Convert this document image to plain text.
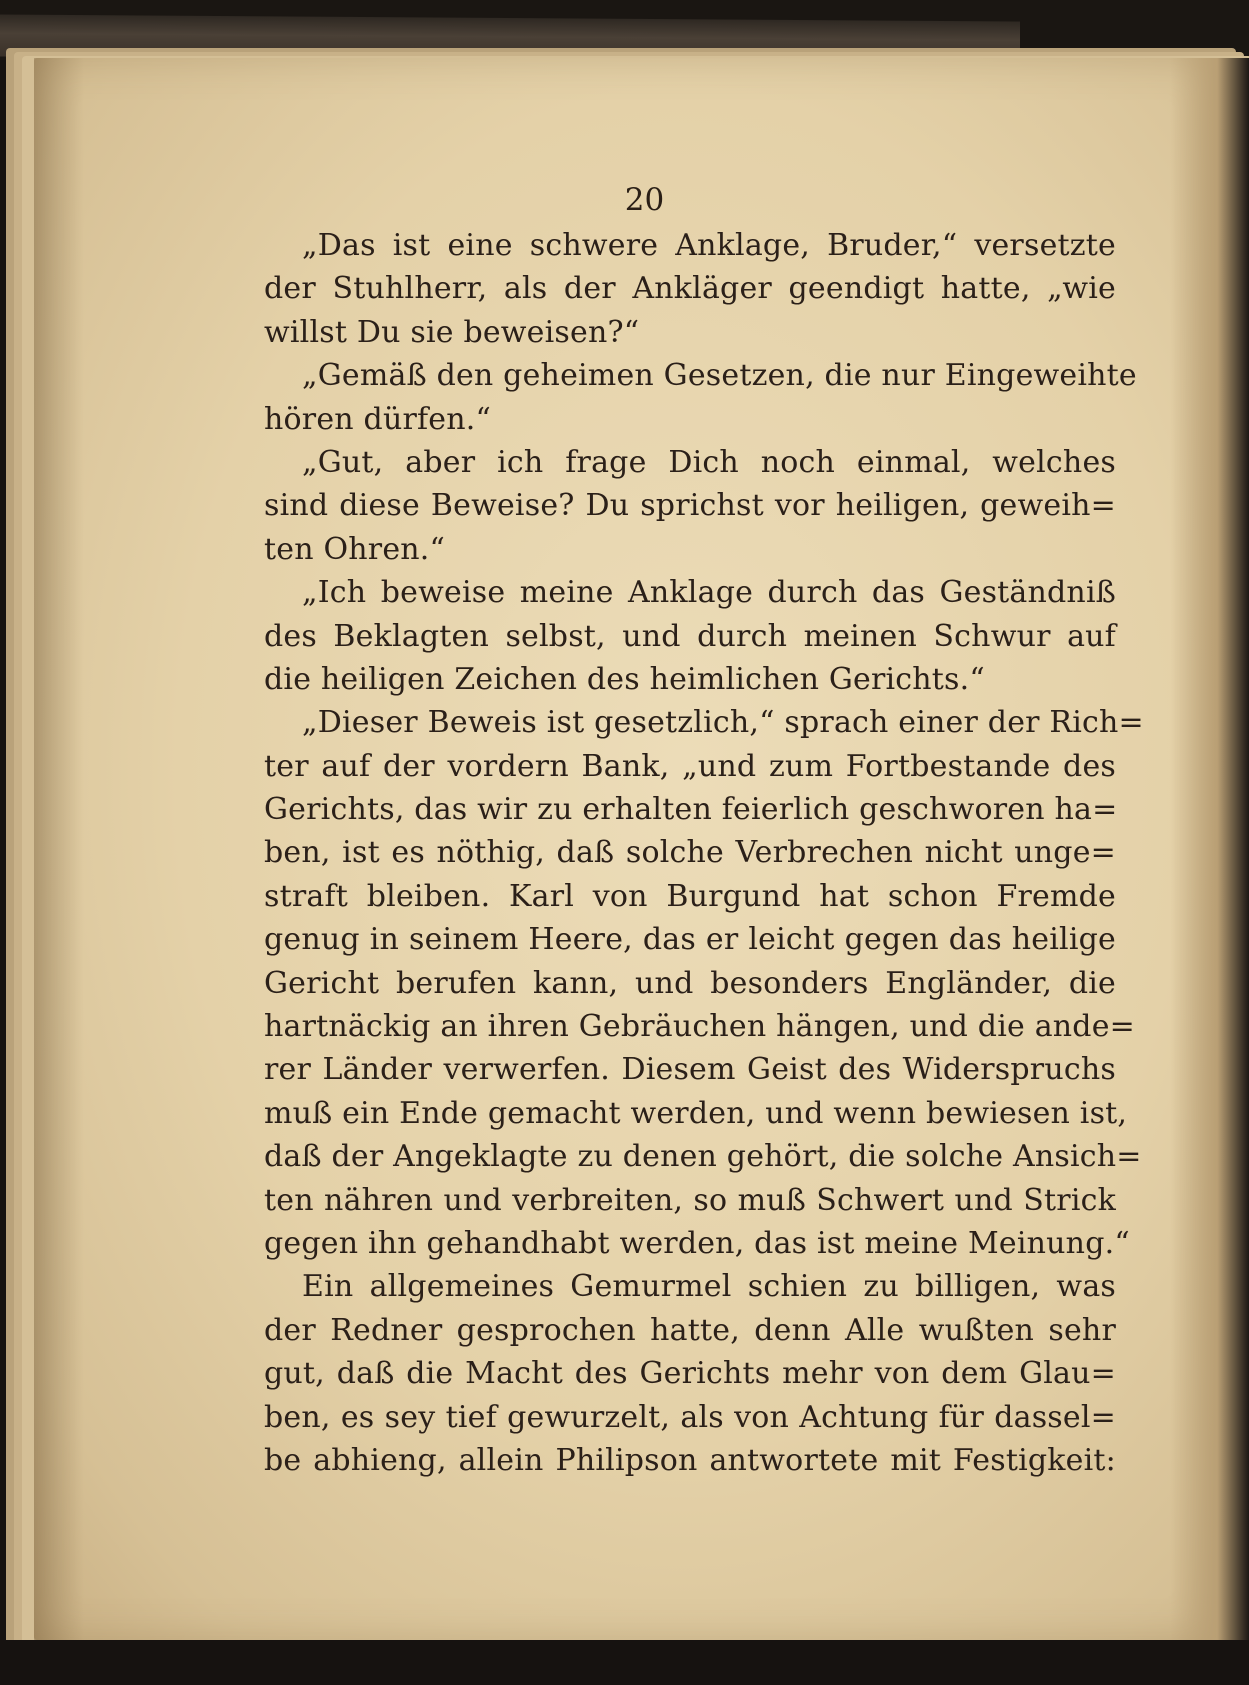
20

„Das ist eine schwere Anklage, Bruder,“ versetzte
der Stuhlherr, als der Ankläger geendigt hatte, „wie
willst Du sie beweisen?“
„Gemäß den geheimen Gesetzen, die nur Eingeweihte
hören dürfen.“
„Gut, aber ich frage Dich noch einmal, welches
sind diese Beweise? Du sprichst vor heiligen, geweih=
ten Ohren.“
„Ich beweise meine Anklage durch das Geständniß
des Beklagten selbst, und durch meinen Schwur auf
die heiligen Zeichen des heimlichen Gerichts.“
„Dieser Beweis ist gesetzlich,“ sprach einer der Rich=
ter auf der vordern Bank, „und zum Fortbestande des
Gerichts, das wir zu erhalten feierlich geschworen ha=
ben, ist es nöthig, daß solche Verbrechen nicht unge=
straft bleiben. Karl von Burgund hat schon Fremde
genug in seinem Heere, das er leicht gegen das heilige
Gericht berufen kann, und besonders Engländer, die
hartnäckig an ihren Gebräuchen hängen, und die ande=
rer Länder verwerfen. Diesem Geist des Widerspruchs
muß ein Ende gemacht werden, und wenn bewiesen ist,
daß der Angeklagte zu denen gehört, die solche Ansich=
ten nähren und verbreiten, so muß Schwert und Strick
gegen ihn gehandhabt werden, das ist meine Meinung.“
Ein allgemeines Gemurmel schien zu billigen, was
der Redner gesprochen hatte, denn Alle wußten sehr
gut, daß die Macht des Gerichts mehr von dem Glau=
ben, es sey tief gewurzelt, als von Achtung für dassel=
be abhieng, allein Philipson antwortete mit Festigkeit:
